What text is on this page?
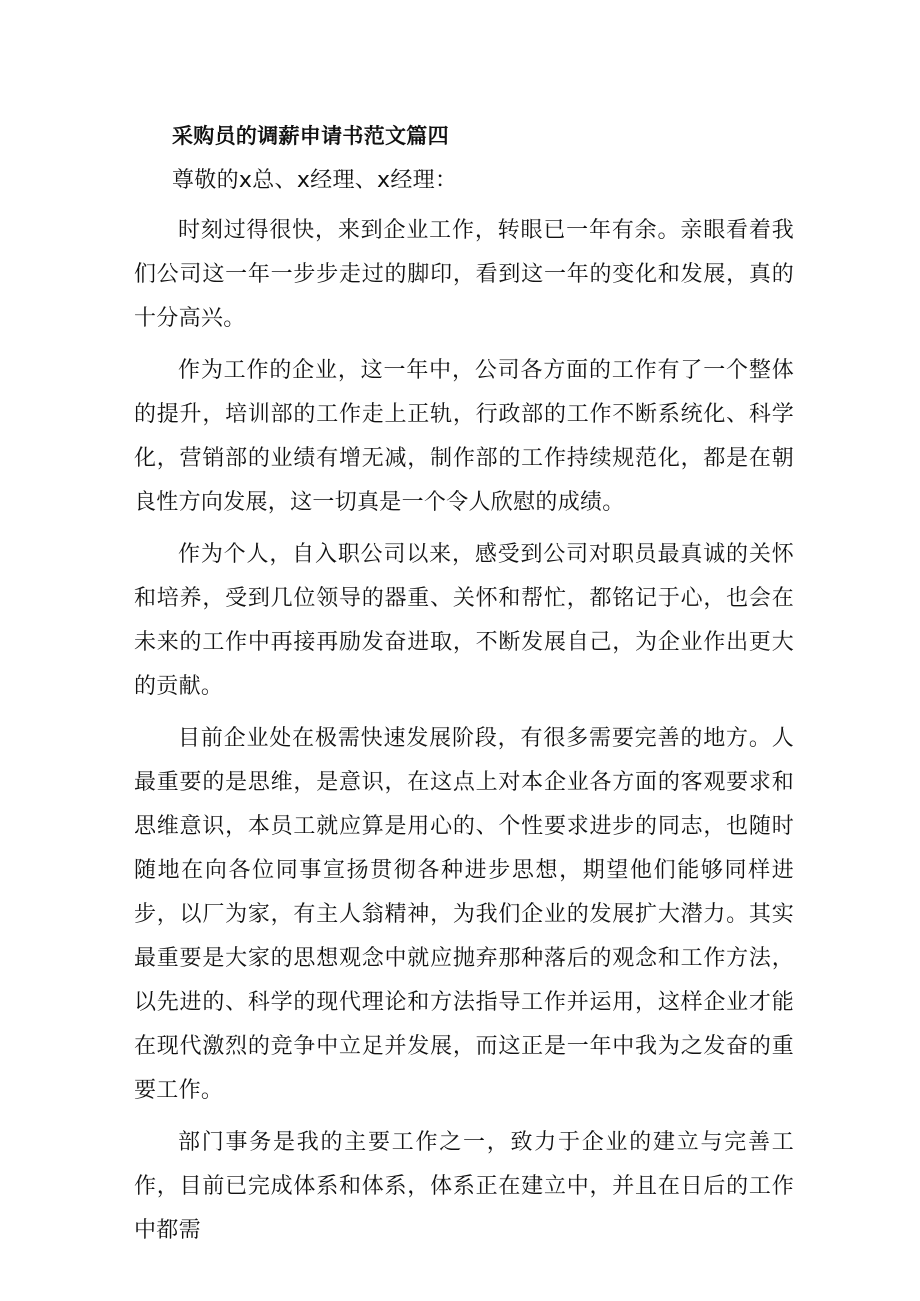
采购员的调薪申请书范文篇四
尊敬的x总、x经理、x经理：

时刻过得很快，来到企业工作，转眼已一年有余。亲眼看着我们公司这一年一步步走过的脚印，看到这一年的变化和发展，真的十分高兴。

作为工作的企业，这一年中，公司各方面的工作有了一个整体的提升，培训部的工作走上正轨，行政部的工作不断系统化、科学化，营销部的业绩有增无减，制作部的工作持续规范化，都是在朝良性方向发展，这一切真是一个令人欣慰的成绩。

作为个人，自入职公司以来，感受到公司对职员最真诚的关怀和培养，受到几位领导的器重、关怀和帮忙，都铭记于心，也会在未来的工作中再接再励发奋进取，不断发展自己，为企业作出更大的贡献。

目前企业处在极需快速发展阶段，有很多需要完善的地方。人最重要的是思维，是意识，在这点上对本企业各方面的客观要求和思维意识，本员工就应算是用心的、个性要求进步的同志，也随时随地在向各位同事宣扬贯彻各种进步思想，期望他们能够同样进步，以厂为家，有主人翁精神，为我们企业的发展扩大潜力。其实最重要是大家的思想观念中就应抛弃那种落后的观念和工作方法，以先进的、科学的现代理论和方法指导工作并运用，这样企业才能在现代激烈的竞争中立足并发展，而这正是一年中我为之发奋的重要工作。

部门事务是我的主要工作之一，致力于企业的建立与完善工作，目前已完成体系和体系，体系正在建立中，并且在日后的工作中都需
